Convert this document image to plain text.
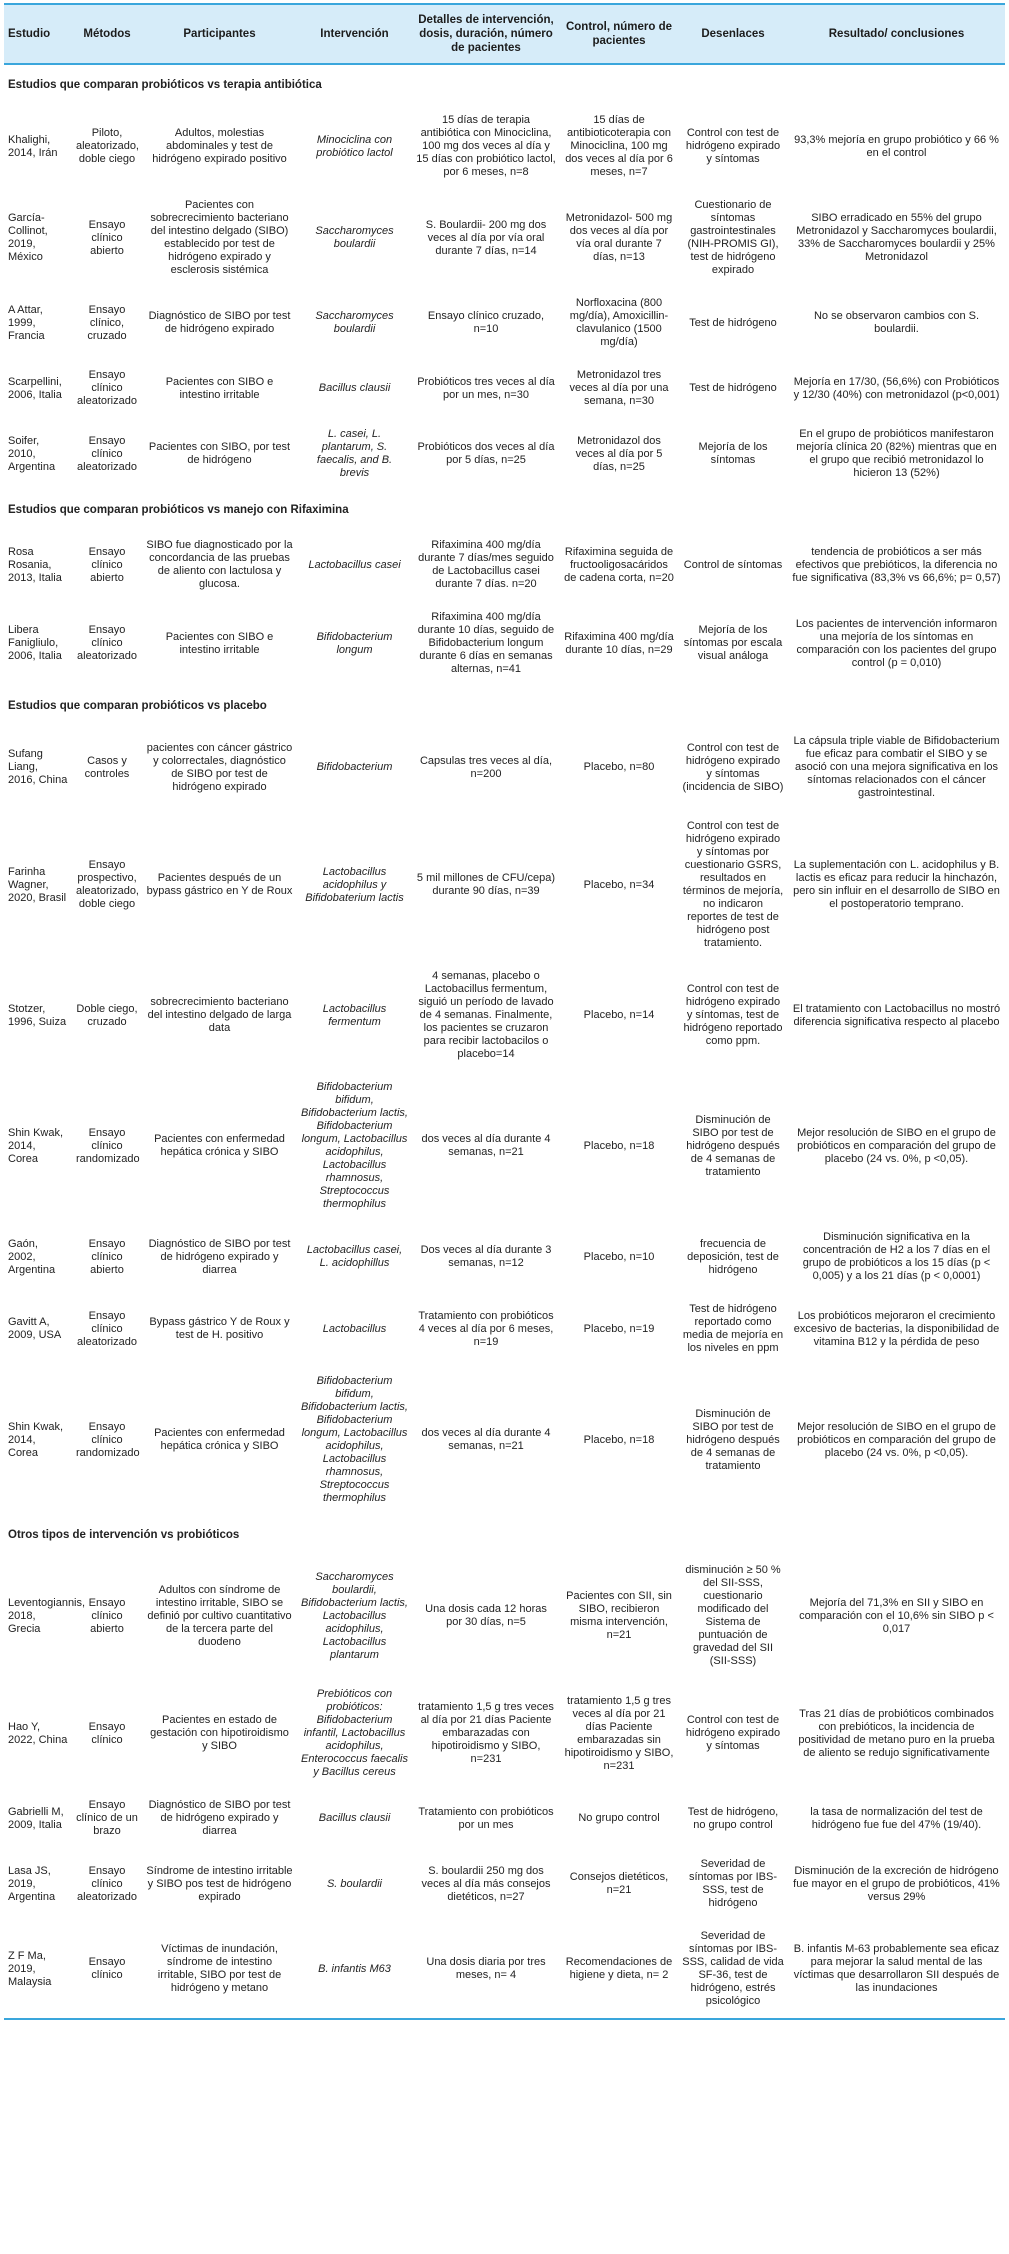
Estudio	Métodos	Participantes	Intervención	Detalles de intervención, dosis, duración, número de pacientes	Control, número de pacientes	Desenlaces	Resultado/ conclusiones
Estudios que comparan probióticos vs terapia antibiótica							
Khalighi, 2014, Irán	Piloto, aleatorizado, doble ciego	Adultos, molestias abdominales y test de hidrógeno expirado positivo	Minociclina con probiótico lactol	15 días de terapia antibiótica con Minociclina, 100 mg dos veces al día y 15 días con probiótico lactol, por 6 meses, n=8	15 días de antibioticoterapia con Minociclina, 100 mg dos veces al día por 6 meses, n=7	Control con test de hidrógeno expirado y síntomas	93,3% mejoría en grupo probiótico y 66 % en el control
García-Collinot, 2019, México	Ensayo clínico abierto	Pacientes con sobrecrecimiento bacteriano del intestino delgado (SIBO) establecido por test de hidrógeno expirado y esclerosis sistémica	Saccharomyces boulardii	S. Boulardii- 200 mg dos veces al día por vía oral durante 7 días, n=14	Metronidazol- 500 mg dos veces al día por vía oral durante 7 días, n=13	Cuestionario de síntomas gastrointestinales (NIH-PROMIS GI), test de hidrógeno expirado	SIBO erradicado en 55% del grupo Metronidazol y Saccharomyces boulardii, 33% de Saccharomyces boulardii y 25% Metronidazol
A Attar, 1999, Francia	Ensayo clínico, cruzado	Diagnóstico de SIBO por test de hidrógeno expirado	Saccharomyces boulardii	Ensayo clínico cruzado, n=10	Norfloxacina (800 mg/día), Amoxicillin-clavulanico (1500 mg/día)	Test de hidrógeno	No se observaron cambios con S. boulardii.
Scarpellini, 2006, Italia	Ensayo clínico aleatorizado	Pacientes con SIBO e intestino irritable	Bacillus clausii	Probióticos tres veces al día por un mes, n=30	Metronidazol tres veces al día por una semana, n=30	Test de hidrógeno	Mejoría en 17/30, (56,6%) con Probióticos y 12/30 (40%) con metronidazol (p<0,001)
Soifer, 2010, Argentina	Ensayo clínico aleatorizado	Pacientes con SIBO, por test de hidrógeno	L. casei, L. plantarum, S. faecalis, and B. brevis	Probióticos dos veces al día por 5 días, n=25	Metronidazol dos veces al día por 5 días, n=25	Mejoría de los síntomas	En el grupo de probióticos manifestaron mejoría clínica 20 (82%) mientras que en el grupo que recibió metronidazol lo hicieron 13 (52%)
Estudios que comparan probióticos vs manejo con Rifaximina							
Rosa Rosania, 2013, Italia	Ensayo clínico abierto	SIBO fue diagnosticado por la concordancia de las pruebas de aliento con lactulosa y glucosa.	Lactobacillus casei	Rifaximina 400 mg/día durante 7 días/mes seguido de Lactobacillus casei durante 7 días. n=20	Rifaximina seguida de fructooligosacáridos de cadena corta, n=20	Control de síntomas	tendencia de probióticos a ser más efectivos que prebióticos, la diferencia no fue significativa (83,3% vs 66,6%; p= 0,57)
Libera Fanigliulo, 2006, Italia	Ensayo clínico aleatorizado	Pacientes con SIBO e intestino irritable	Bifidobacterium longum	Rifaximina 400 mg/día durante 10 días, seguido de Bifidobacterium longum durante 6 días en semanas alternas, n=41	Rifaximina 400 mg/día durante 10 días, n=29	Mejoría de los síntomas por escala visual análoga	Los pacientes de intervención informaron una mejoría de los síntomas en comparación con los pacientes del grupo control (p = 0,010)
Estudios que comparan probióticos vs placebo							
Sufang Liang, 2016, China	Casos y controles	pacientes con cáncer gástrico y colorrectales, diagnóstico de SIBO por test de hidrógeno expirado	Bifidobacterium	Capsulas tres veces al día, n=200	Placebo, n=80	Control con test de hidrógeno expirado y síntomas (incidencia de SIBO)	La cápsula triple viable de Bifidobacterium fue eficaz para combatir el SIBO y se asoció con una mejora significativa en los síntomas relacionados con el cáncer gastrointestinal.
Farinha Wagner, 2020, Brasil	Ensayo prospectivo, aleatorizado, doble ciego	Pacientes después de un bypass gástrico en Y de Roux	Lactobacillus acidophilus y Bifidobaterium lactis	5 mil millones de CFU/cepa) durante 90 días, n=39	Placebo, n=34	Control con test de hidrógeno expirado y síntomas por cuestionario GSRS, resultados en términos de mejoría, no indicaron reportes de test de hidrógeno post tratamiento.	La suplementación con L. acidophilus y B. lactis es eficaz para reducir la hinchazón, pero sin influir en el desarrollo de SIBO en el postoperatorio temprano.
Stotzer, 1996, Suiza	Doble ciego, cruzado	sobrecrecimiento bacteriano del intestino delgado de larga data	Lactobacillus fermentum	4 semanas, placebo o Lactobacillus fermentum, siguió un período de lavado de 4 semanas. Finalmente, los pacientes se cruzaron para recibir lactobacilos o placebo=14	Placebo, n=14	Control con test de hidrógeno expirado y síntomas, test de hidrógeno reportado como ppm.	El tratamiento con Lactobacillus no mostró diferencia significativa respecto al placebo
Shin Kwak, 2014, Corea	Ensayo clínico randomizado	Pacientes con enfermedad hepática crónica y SIBO	Bifidobacterium bifidum, Bifidobacterium lactis, Bifidobacterium longum, Lactobacillus acidophilus, Lactobacillus rhamnosus, Streptococcus thermophilus	dos veces al día durante 4 semanas, n=21	Placebo, n=18	Disminución de SIBO por test de hidrógeno después de 4 semanas de tratamiento	Mejor resolución de SIBO en el grupo de probióticos en comparación del grupo de placebo (24 vs. 0%, p <0,05).
Gaón, 2002, Argentina	Ensayo clínico abierto	Diagnóstico de SIBO por test de hidrógeno expirado y diarrea	Lactobacillus casei, L. acidophillus	Dos veces al día durante 3 semanas, n=12	Placebo, n=10	frecuencia de deposición, test de hidrógeno	Disminución significativa en la concentración de H2 a los 7 días en el grupo de probióticos a los 15 días (p < 0,005) y a los 21 días (p < 0,0001)
Gavitt A, 2009, USA	Ensayo clínico aleatorizado	Bypass gástrico Y de Roux y test de H. positivo	Lactobacillus	Tratamiento con probióticos 4 veces al día por 6 meses, n=19	Placebo, n=19	Test de hidrógeno reportado como media de mejoría en los niveles en ppm	Los probióticos mejoraron el crecimiento excesivo de bacterias, la disponibilidad de vitamina B12 y la pérdida de peso
Shin Kwak, 2014, Corea	Ensayo clínico randomizado	Pacientes con enfermedad hepática crónica y SIBO	Bifidobacterium bifidum, Bifidobacterium lactis, Bifidobacterium longum, Lactobacillus acidophilus, Lactobacillus rhamnosus, Streptococcus thermophilus	dos veces al día durante 4 semanas, n=21	Placebo, n=18	Disminución de SIBO por test de hidrógeno después de 4 semanas de tratamiento	Mejor resolución de SIBO en el grupo de probióticos en comparación del grupo de placebo (24 vs. 0%, p <0,05).
Otros tipos de intervención vs probióticos							
Leventogiannis, 2018, Grecia	Ensayo clínico abierto	Adultos con síndrome de intestino irritable, SIBO se definió por cultivo cuantitativo de la tercera parte del duodeno	Saccharomyces boulardii, Bifidobacterium lactis, Lactobacillus acidophilus, Lactobacillus plantarum	Una dosis cada 12 horas por 30 días, n=5	Pacientes con SII, sin SIBO, recibieron misma intervención, n=21	disminución ≥ 50 % del SII-SSS, cuestionario modificado del Sistema de puntuación de gravedad del SII (SII-SSS)	Mejoría del 71,3% en SII y SIBO en comparación con el 10,6% sin SIBO p < 0,017
Hao Y, 2022, China	Ensayo clínico	Pacientes en estado de gestación con hipotiroidismo y SIBO	Prebióticos con probióticos: Bifidobacterium infantil, Lactobacillus acidophilus, Enterococcus faecalis y Bacillus cereus	tratamiento 1,5 g tres veces al día por 21 días Paciente embarazadas con hipotiroidismo y SIBO, n=231	tratamiento 1,5 g tres veces al día por 21 días Paciente embarazadas sin hipotiroidismo y SIBO, n=231	Control con test de hidrógeno expirado y síntomas	Tras 21 días de probióticos combinados con prebióticos, la incidencia de positividad de metano puro en la prueba de aliento se redujo significativamente
Gabrielli M, 2009, Italia	Ensayo clínico de un brazo	Diagnóstico de SIBO por test de hidrógeno expirado y diarrea	Bacillus clausii	Tratamiento con probióticos por un mes	No grupo control	Test de hidrógeno, no grupo control	la tasa de normalización del test de hidrógeno fue fue del 47% (19/40).
Lasa JS, 2019, Argentina	Ensayo clínico aleatorizado	Síndrome de intestino irritable y SIBO pos test de hidrógeno expirado	S. boulardii	S. boulardii 250 mg dos veces al día más consejos dietéticos, n=27	Consejos dietéticos, n=21	Severidad de síntomas por IBS-SSS, test de hidrógeno	Disminución de la excreción de hidrógeno fue mayor en el grupo de probióticos, 41% versus 29%
Z F Ma, 2019, Malaysia	Ensayo clínico	Víctimas de inundación, síndrome de intestino irritable, SIBO por test de hidrógeno y metano	B. infantis M63	Una dosis diaria por tres meses, n= 4	Recomendaciones de higiene y dieta, n= 2	Severidad de síntomas por IBS-SSS, calidad de vida SF-36, test de hidrógeno, estrés psicológico	B. infantis M-63 probablemente sea eficaz para mejorar la salud mental de las víctimas que desarrollaron SII después de las inundaciones
